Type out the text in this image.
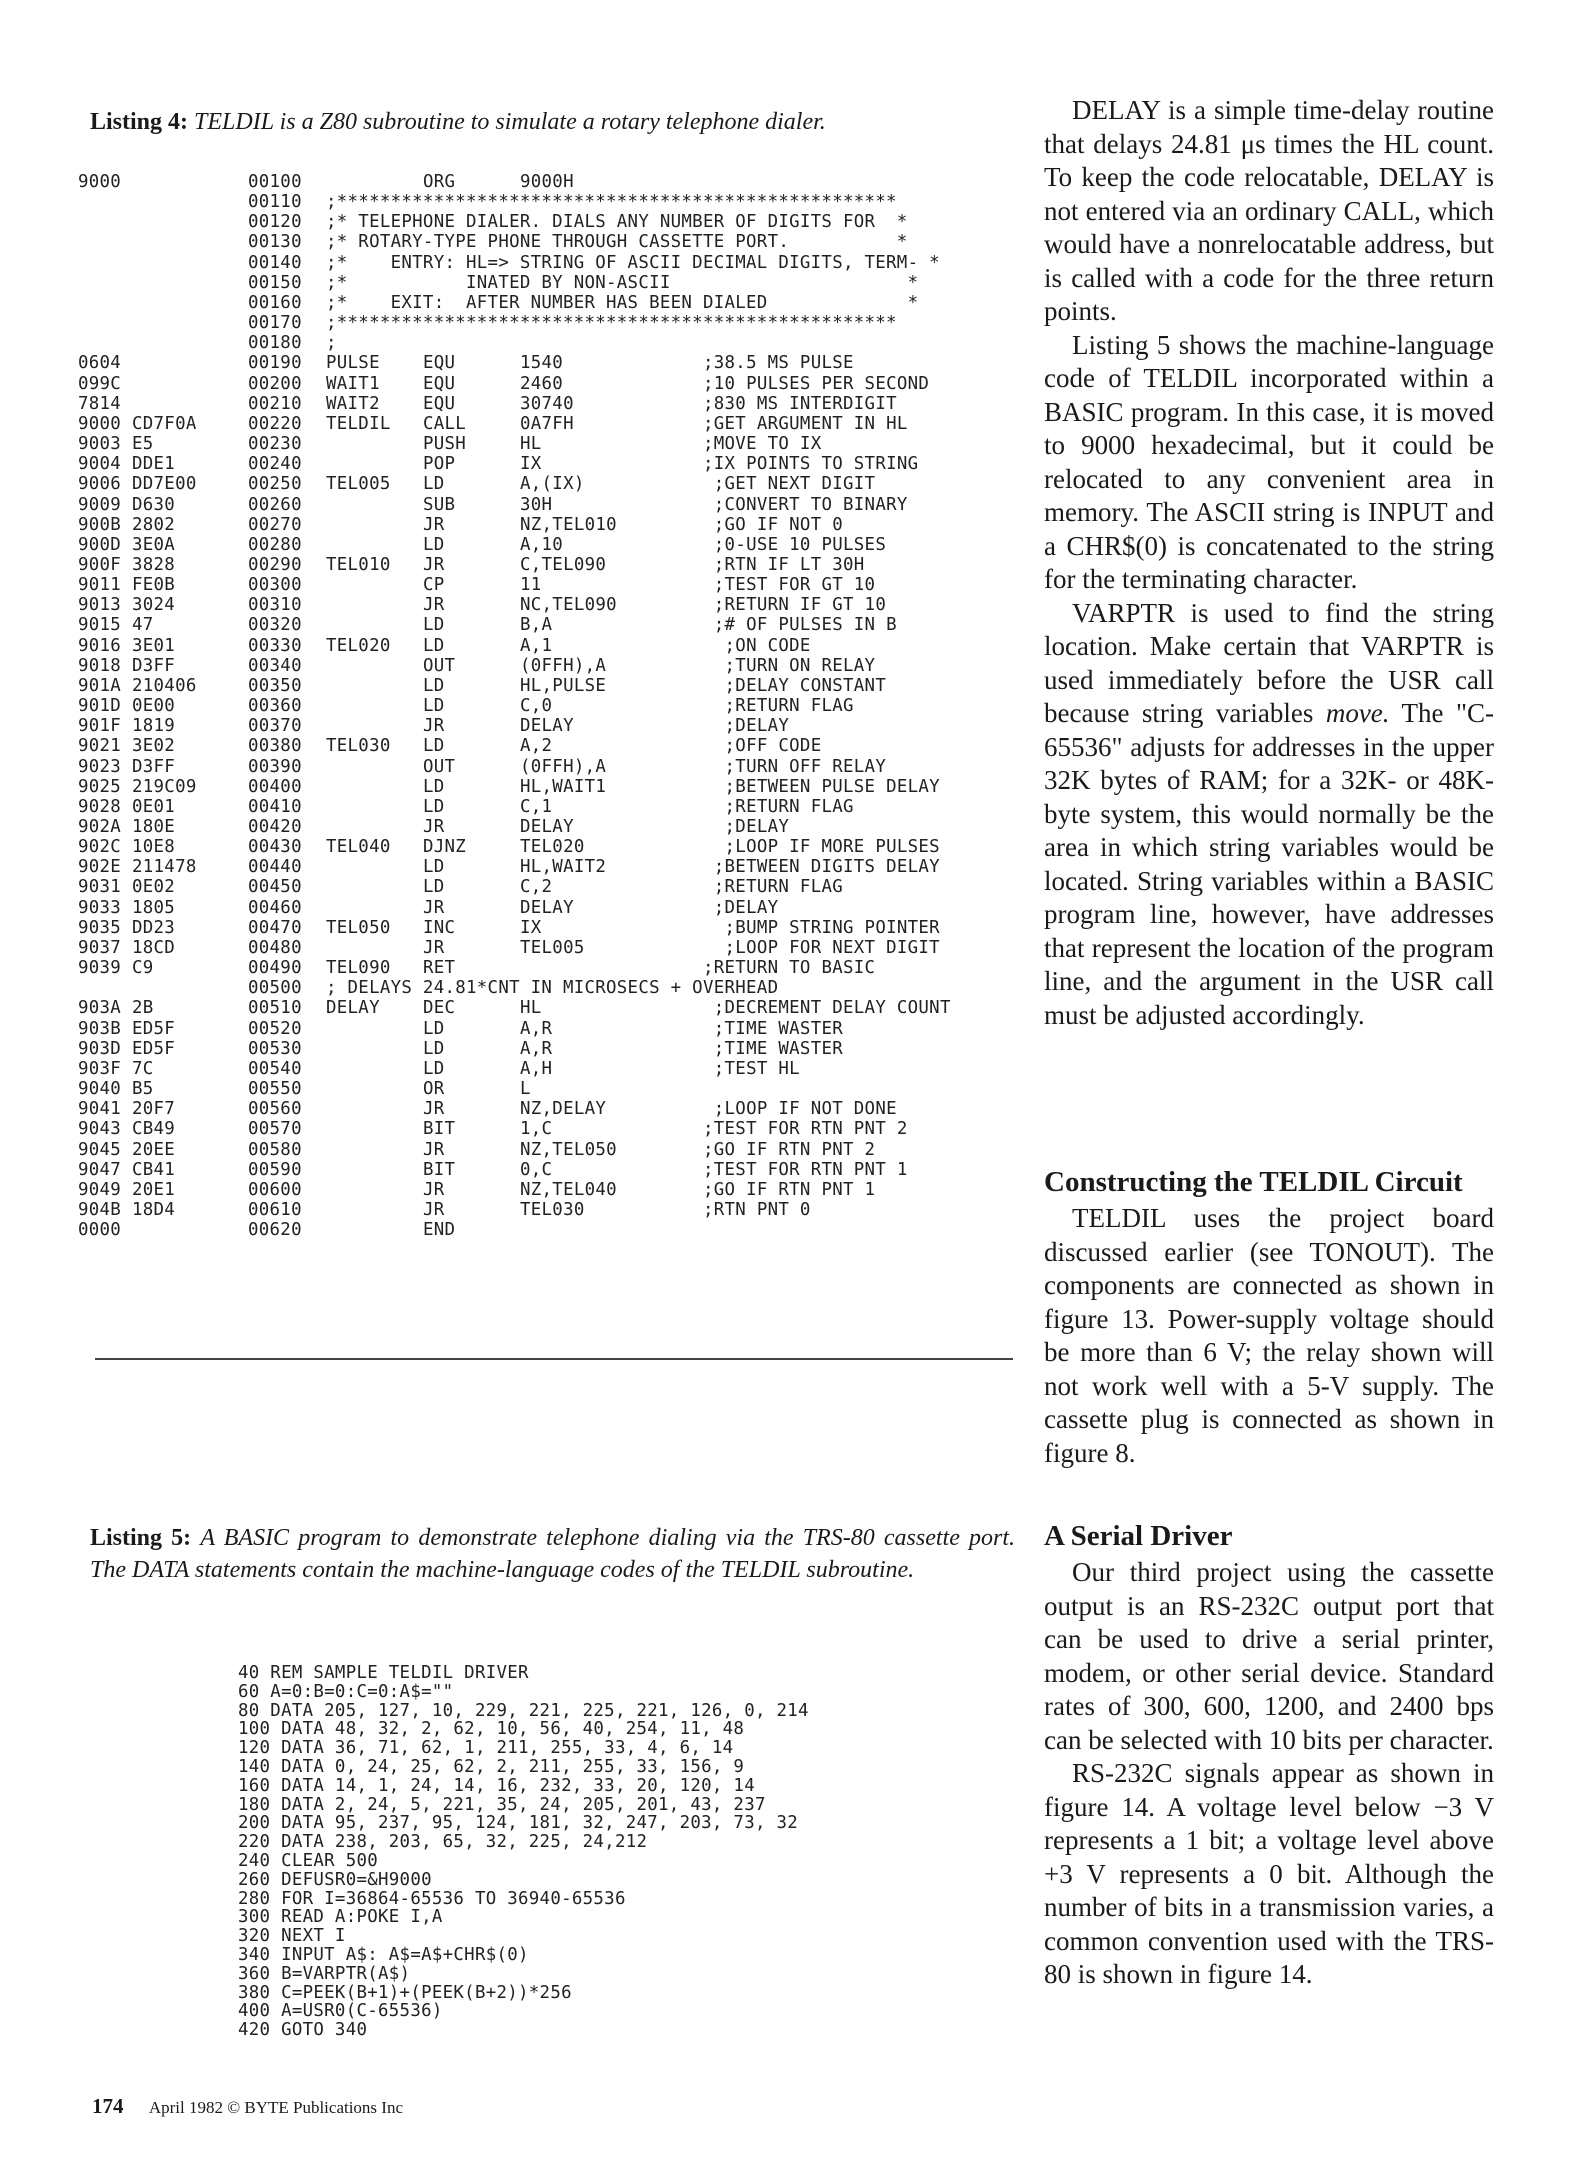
Listing 4: TELDIL is a Z80 subroutine to simulate a rotary telephone dialer.
9000	00100	ORG	9000H
00110 ;****************************************************
00120 ;* TELEPHONE DIALER. DIALS ANY NUMBER OF DIGITS FOR  *
00130 ;* ROTARY-TYPE PHONE THROUGH CASSETTE PORT.          *
00140 ;*    ENTRY: HL=> STRING OF ASCII DECIMAL DIGITS, TERM- *
00150 ;*           INATED BY NON-ASCII                      *
00160 ;*    EXIT:  AFTER NUMBER HAS BEEN DIALED             *
00170 ;****************************************************
00180 ;
0604	00190 PULSE EQU	1540	;38.5 MS PULSE
099C	00200 WAIT1 EQU	2460	;10 PULSES PER SECOND
7814	00210 WAIT2 EQU	30740	;830 MS INTERDIGIT
9000 CD7F0A	00220 TELDIL CALL	0A7FH	;GET ARGUMENT IN HL
9003 E5	00230	PUSH	HL	;MOVE TO IX
9004 DDE1	00240	POP	IX	;IX POINTS TO STRING
9006 DD7E00	00250 TEL005 LD	A,(IX)	;GET NEXT DIGIT
9009 D630	00260	SUB	30H	;CONVERT TO BINARY
900B 2802	00270	JR	NZ,TEL010	;GO IF NOT 0
900D 3E0A	00280	LD	A,10	;0-USE 10 PULSES
900F 3828	00290 TEL010 JR	C,TEL090	;RTN IF LT 30H
9011 FE0B	00300	CP	11	;TEST FOR GT 10
9013 3024	00310	JR	NC,TEL090	;RETURN IF GT 10
9015 47	00320	LD	B,A	;# OF PULSES IN B
9016 3E01	00330 TEL020 LD	A,1	;ON CODE
9018 D3FF	00340	OUT	(0FFH),A	;TURN ON RELAY
901A 210406	00350	LD	HL,PULSE	;DELAY CONSTANT
901D 0E00	00360	LD	C,0	;RETURN FLAG
901F 1819	00370	JR	DELAY	;DELAY
9021 3E02	00380 TEL030 LD	A,2	;OFF CODE
9023 D3FF	00390	OUT	(0FFH),A	;TURN OFF RELAY
9025 219C09	00400	LD	HL,WAIT1	;BETWEEN PULSE DELAY
9028 0E01	00410	LD	C,1	;RETURN FLAG
902A 180E	00420	JR	DELAY	;DELAY
902C 10E8	00430 TEL040 DJNZ	TEL020	;LOOP IF MORE PULSES
902E 211478	00440	LD	HL,WAIT2	;BETWEEN DIGITS DELAY
9031 0E02	00450	LD	C,2	;RETURN FLAG
9033 1805	00460	JR	DELAY	;DELAY
9035 DD23	00470 TEL050 INC	IX	;BUMP STRING POINTER
9037 18CD	00480	JR	TEL005	;LOOP FOR NEXT DIGIT
9039 C9	00490 TEL090 RET	;RETURN TO BASIC
00500 ; DELAYS 24.81*CNT IN MICROSECS + OVERHEAD
903A 2B	00510 DELAY DEC	HL	;DECREMENT DELAY COUNT
903B ED5F	00520	LD	A,R	;TIME WASTER
903D ED5F	00530	LD	A,R	;TIME WASTER
903F 7C	00540	LD	A,H	;TEST HL
9040 B5	00550	OR	L
9041 20F7	00560	JR	NZ,DELAY	;LOOP IF NOT DONE
9043 CB49	00570	BIT	1,C	;TEST FOR RTN PNT 2
9045 20EE	00580	JR	NZ,TEL050	;GO IF RTN PNT 2
9047 CB41	00590	BIT	0,C	;TEST FOR RTN PNT 1
9049 20E1	00600	JR	NZ,TEL040	;GO IF RTN PNT 1
904B 18D4	00610	JR	TEL030	;RTN PNT 0
0000	00620	END
Listing 5: A BASIC program to demonstrate telephone dialing via the TRS-80 cassette port. The DATA statements contain the machine-language codes of the TELDIL subroutine.
40 REM SAMPLE TELDIL DRIVER
60 A=0:B=0:C=0:A$=""
80 DATA 205, 127, 10, 229, 221, 225, 221, 126, 0, 214
100 DATA 48, 32, 2, 62, 10, 56, 40, 254, 11, 48
120 DATA 36, 71, 62, 1, 211, 255, 33, 4, 6, 14
140 DATA 0, 24, 25, 62, 2, 211, 255, 33, 156, 9
160 DATA 14, 1, 24, 14, 16, 232, 33, 20, 120, 14
180 DATA 2, 24, 5, 221, 35, 24, 205, 201, 43, 237
200 DATA 95, 237, 95, 124, 181, 32, 247, 203, 73, 32
220 DATA 238, 203, 65, 32, 225, 24,212
240 CLEAR 500
260 DEFUSR0=&H9000
280 FOR I=36864-65536 TO 36940-65536
300 READ A:POKE I,A
320 NEXT I
340 INPUT A$: A$=A$+CHR$(0)
360 B=VARPTR(A$)
380 C=PEEK(B+1)+(PEEK(B+2))*256
400 A=USR0(C-65536)
420 GOTO 340

DELAY is a simple time-delay routine that delays 24.81 μs times the HL count. To keep the code relocatable, DELAY is not entered via an ordinary CALL, which would have a nonrelocatable address, but is called with a code for the three return points.

Listing 5 shows the machine-language code of TELDIL incorporated within a BASIC program. In this case, it is moved to 9000 hexadecimal, but it could be relocated to any convenient area in memory. The ASCII string is INPUT and a CHR$(0) is concatenated to the string for the terminating character.

VARPTR is used to find the string location. Make certain that VARPTR is used immediately before the USR call because string variables move. The "C-65536" adjusts for addresses in the upper 32K bytes of RAM; for a 32K- or 48K-byte system, this would normally be the area in which string variables would be located. String variables within a BASIC program line, however, have addresses that represent the location of the program line, and the argument in the USR call must be adjusted accordingly.

Constructing the TELDIL Circuit

TELDIL uses the project board discussed earlier (see TONOUT). The components are connected as shown in figure 13. Power-supply voltage should be more than 6 V; the relay shown will not work well with a 5-V supply. The cassette plug is connected as shown in figure 8.

A Serial Driver

Our third project using the cassette output is an RS-232C output port that can be used to drive a serial printer, modem, or other serial device. Standard rates of 300, 600, 1200, and 2400 bps can be selected with 10 bits per character.

RS-232C signals appear as shown in figure 14. A voltage level below −3 V represents a 1 bit; a voltage level above +3 V represents a 0 bit. Although the number of bits in a transmission varies, a common convention used with the TRS-80 is shown in figure 14.

174 April 1982 © BYTE Publications Inc
